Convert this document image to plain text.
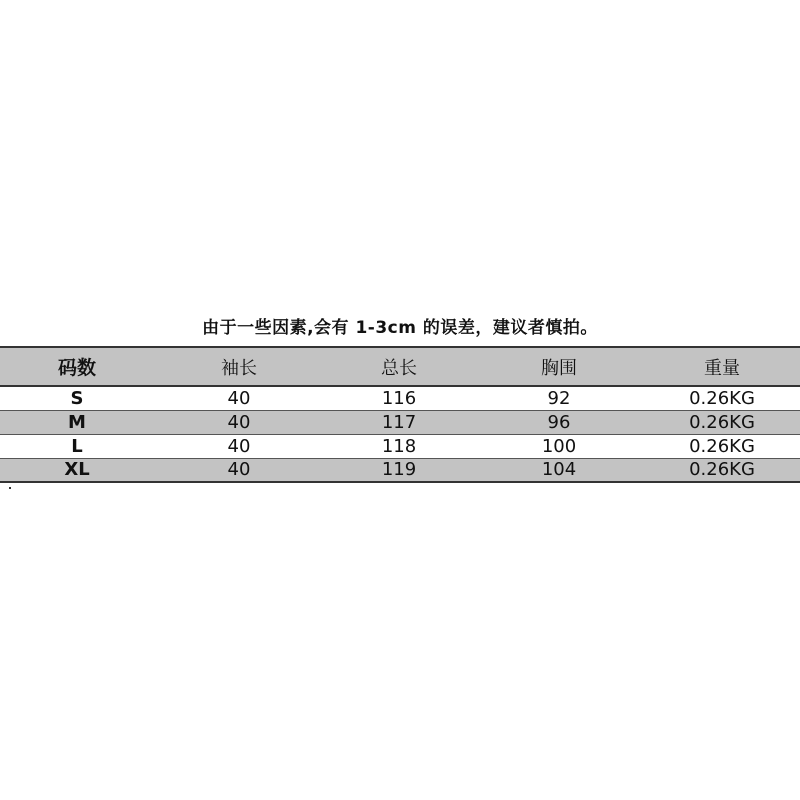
由于一些因素,会有 1-3cm 的误差，建议者慎拍。
码数	袖长	总长	胸围	重量
S	40	116	92	0.26KG
M	40	117	96	0.26KG
L	40	118	100	0.26KG
XL	40	119	104	0.26KG
